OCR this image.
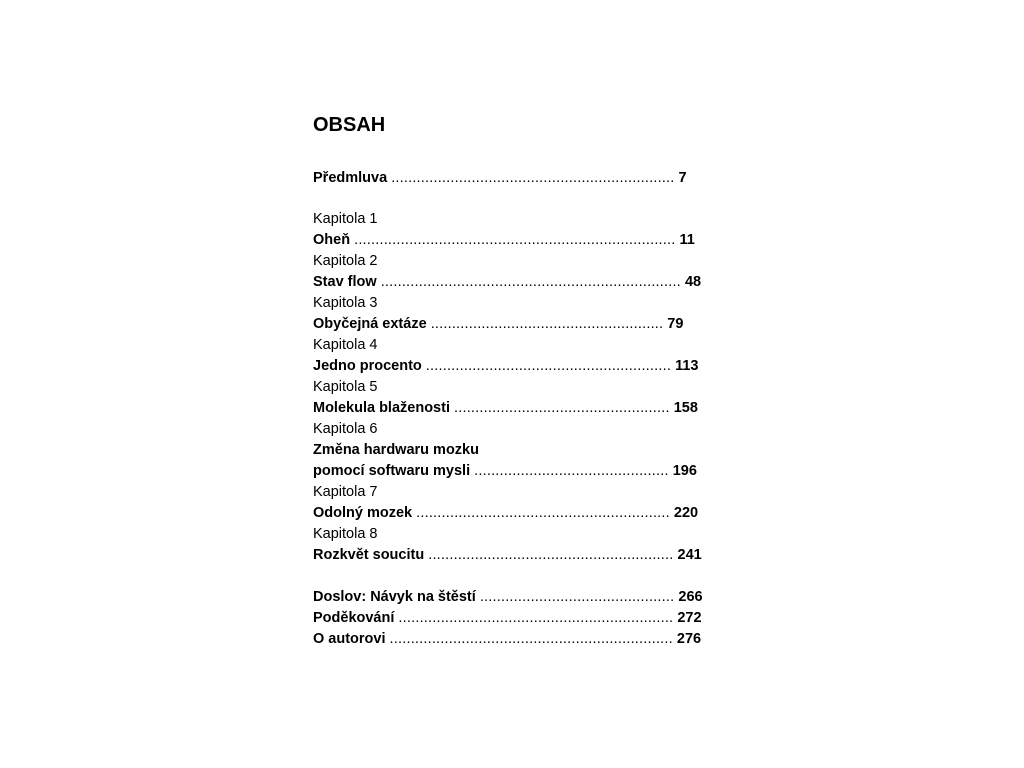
OBSAH
Předmluva ................................................................... 7
Kapitola 1
Oheň ............................................................................ 11
Kapitola 2
Stav flow ....................................................................... 48
Kapitola 3
Obyčejná extáze ....................................................... 79
Kapitola 4
Jedno procento .......................................................... 113
Kapitola 5
Molekula blaženosti ................................................... 158
Kapitola 6
Změna hardwaru mozku
pomocí softwaru mysli .............................................. 196
Kapitola 7
Odolný mozek ............................................................ 220
Kapitola 8
Rozkvět soucitu .......................................................... 241
Doslov: Návyk na štěstí .............................................. 266
Poděkování ................................................................. 272
O autorovi ................................................................... 276
